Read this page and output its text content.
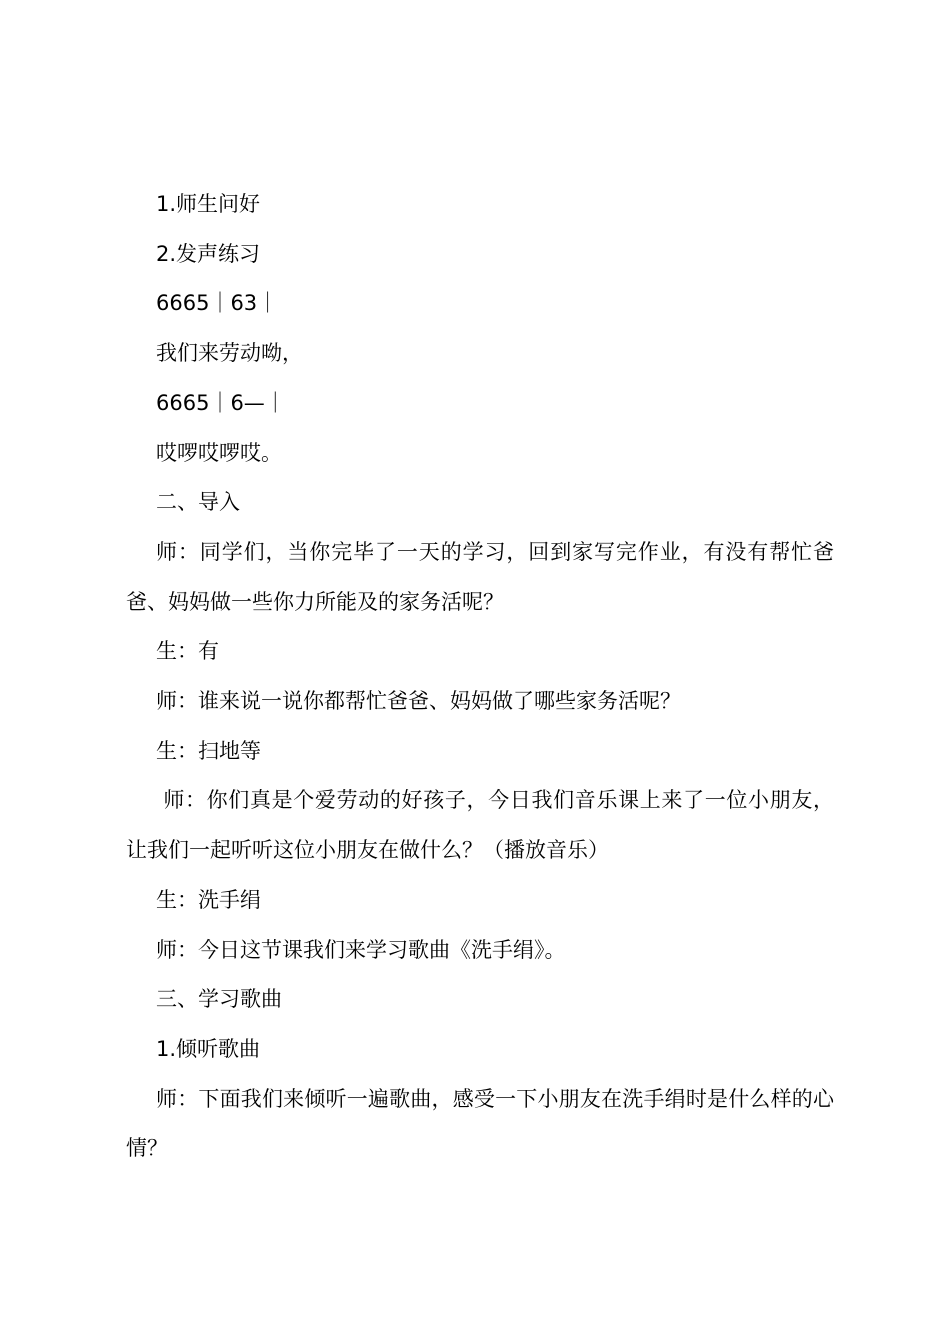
1.师生问好

2.发声练习

6665｜63｜

我们来劳动呦，

6665｜6—｜

哎啰哎啰哎。

二、导入

师：同学们，当你完毕了一天的学习，回到家写完作业，有没有帮忙爸爸、妈妈做一些你力所能及的家务活呢？

生：有

师：谁来说一说你都帮忙爸爸、妈妈做了哪些家务活呢？

生：扫地等

师：你们真是个爱劳动的好孩子，今日我们音乐课上来了一位小朋友，让我们一起听听这位小朋友在做什么？（播放音乐）

生：洗手绢

师：今日这节课我们来学习歌曲《洗手绢》。

三、学习歌曲

1.倾听歌曲

师：下面我们来倾听一遍歌曲，感受一下小朋友在洗手绢时是什么样的心情？
